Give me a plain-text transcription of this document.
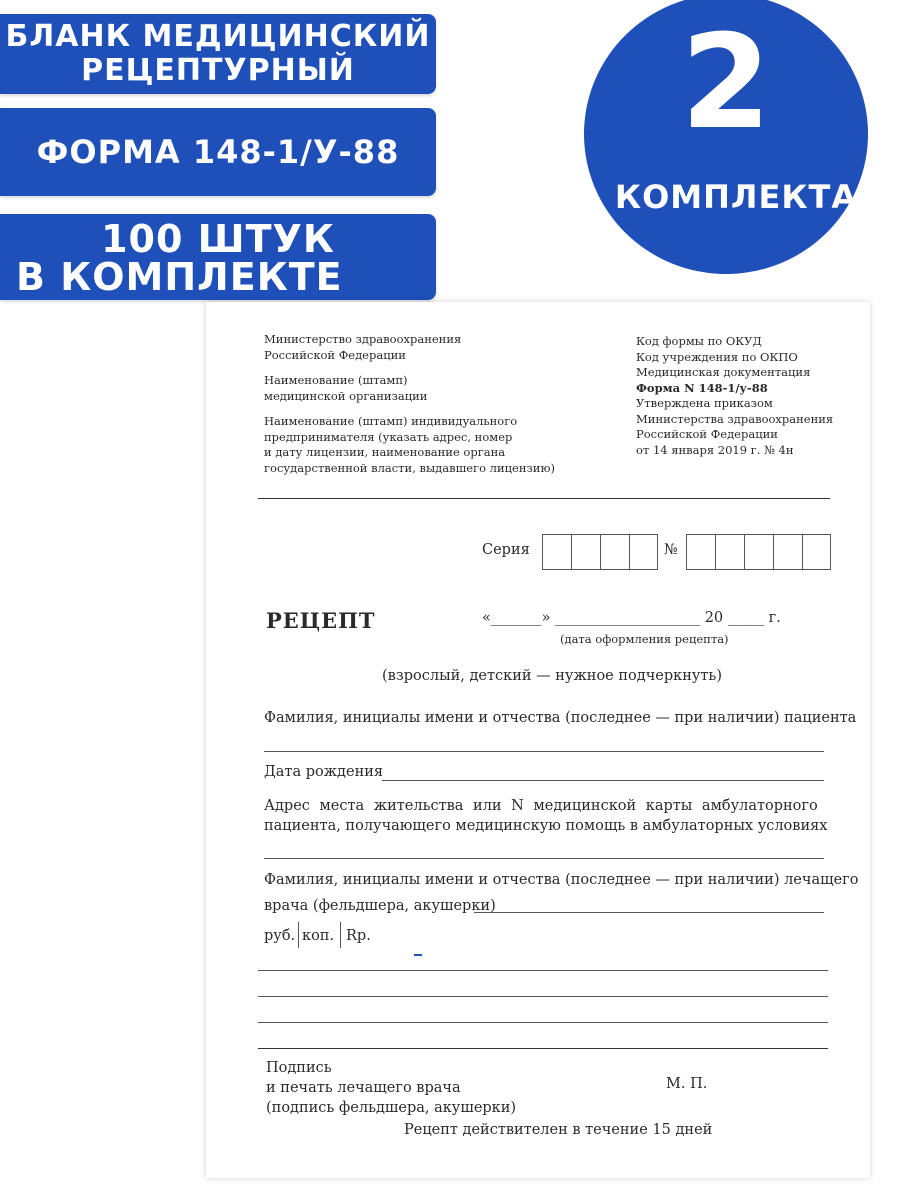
БЛАНК МЕДИЦИНСКИЙ
РЕЦЕПТУРНЫЙ
ФОРМА 148-1/У-88
100 ШТУК
В КОМПЛЕКТЕ
2
КОМПЛЕКТА
Министерство здравоохранения
Российской Федерации
Наименование (штамп)
медицинской организации
Наименование (штамп) индивидуального
предпринимателя (указать адрес, номер
и дату лицензии, наименование органа
государственной власти, выдавшего лицензию)
Код формы по ОКУД
Код учреждения по ОКПО
Медицинская документация
Форма N 148-1/у-88
Утверждена приказом
Министерства здравоохранения
Российской Федерации
от 14 января 2019 г. № 4н
Серия	№
РЕЦЕПТ	«_______» ____________________ 20 _____ г.
(дата оформления рецепта)
(взрослый, детский — нужное подчеркнуть)
Фамилия, инициалы имени и отчества (последнее — при наличии) пациента
Дата рождения
Адрес места жительства или N медицинской карты амбулаторного
пациента, получающего медицинскую помощь в амбулаторных условиях
Фамилия, инициалы имени и отчества (последнее — при наличии) лечащего
врача (фельдшера, акушерки)
руб. коп. Rp.
Подпись
и печать лечащего врача
(подпись фельдшера, акушерки)
М. П.
Рецепт действителен в течение 15 дней
